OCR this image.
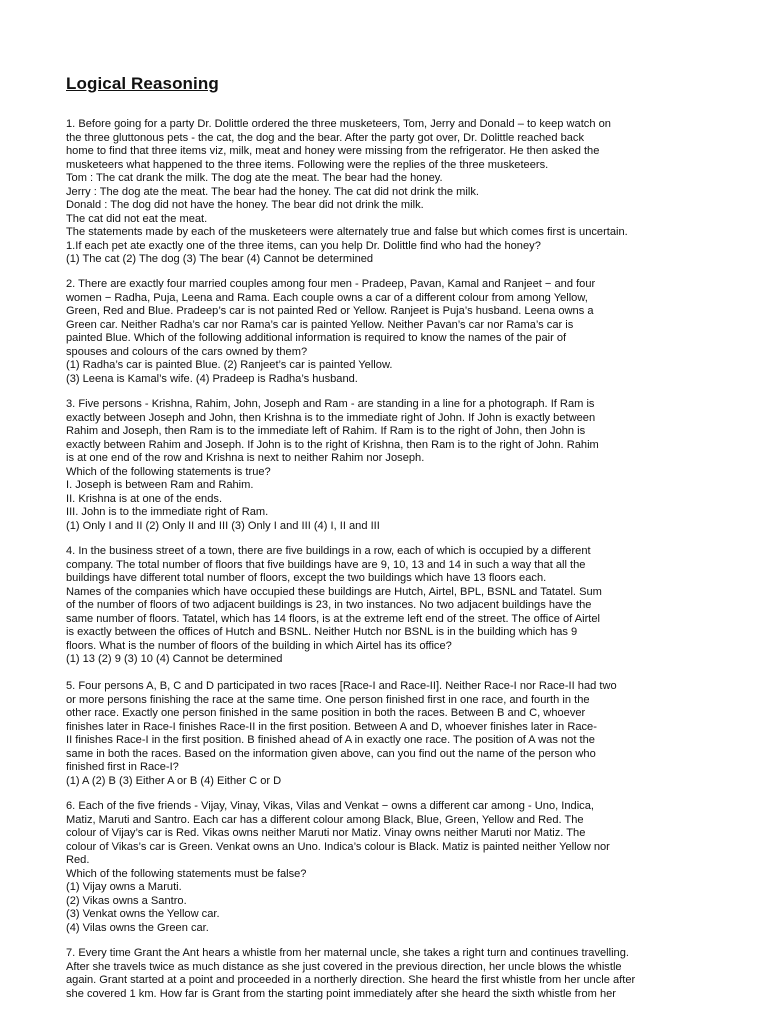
Logical Reasoning
1. Before going for a party Dr. Dolittle ordered the three musketeers, Tom, Jerry and Donald – to keep watch on
the three gluttonous pets - the cat, the dog and the bear. After the party got over, Dr. Dolittle reached back
home to find that three items viz, milk, meat and honey were missing from the refrigerator. He then asked the
musketeers what happened to the three items. Following were the replies of the three musketeers.
Tom : The cat drank the milk. The dog ate the meat. The bear had the honey.
Jerry : The dog ate the meat. The bear had the honey. The cat did not drink the milk.
Donald : The dog did not have the honey. The bear did not drink the milk.
The cat did not eat the meat.
The statements made by each of the musketeers were alternately true and false but which comes first is uncertain.
1.If each pet ate exactly one of the three items, can you help Dr. Dolittle find who had the honey?
(1) The cat (2) The dog (3) The bear (4) Cannot be determined
2. There are exactly four married couples among four men - Pradeep, Pavan, Kamal and Ranjeet − and four
women − Radha, Puja, Leena and Rama. Each couple owns a car of a different colour from among Yellow,
Green, Red and Blue. Pradeep’s car is not painted Red or Yellow. Ranjeet is Puja’s husband. Leena owns a
Green car. Neither Radha’s car nor Rama’s car is painted Yellow. Neither Pavan’s car nor Rama’s car is
painted Blue. Which of the following additional information is required to know the names of the pair of
spouses and colours of the cars owned by them?
(1) Radha’s car is painted Blue. (2) Ranjeet’s car is painted Yellow.
(3) Leena is Kamal’s wife. (4) Pradeep is Radha’s husband.
3. Five persons - Krishna, Rahim, John, Joseph and Ram - are standing in a line for a photograph. If Ram is
exactly between Joseph and John, then Krishna is to the immediate right of John. If John is exactly between
Rahim and Joseph, then Ram is to the immediate left of Rahim. If Ram is to the right of John, then John is
exactly between Rahim and Joseph. If John is to the right of Krishna, then Ram is to the right of John. Rahim
is at one end of the row and Krishna is next to neither Rahim nor Joseph.
Which of the following statements is true?
I. Joseph is between Ram and Rahim.
II. Krishna is at one of the ends.
III. John is to the immediate right of Ram.
(1) Only I and II (2) Only II and III (3) Only I and III (4) I, II and III
4. In the business street of a town, there are five buildings in a row, each of which is occupied by a different
company. The total number of floors that five buildings have are 9, 10, 13 and 14 in such a way that all the
buildings have different total number of floors, except the two buildings which have 13 floors each.
Names of the companies which have occupied these buildings are Hutch, Airtel, BPL, BSNL and Tatatel. Sum
of the number of floors of two adjacent buildings is 23, in two instances. No two adjacent buildings have the
same number of floors. Tatatel, which has 14 floors, is at the extreme left end of the street. The office of Airtel
is exactly between the offices of Hutch and BSNL. Neither Hutch nor BSNL is in the building which has 9
floors. What is the number of floors of the building in which Airtel has its office?
(1) 13 (2) 9 (3) 10 (4) Cannot be determined
5. Four persons A, B, C and D participated in two races [Race-I and Race-II]. Neither Race-I nor Race-II had two
or more persons finishing the race at the same time. One person finished first in one race, and fourth in the
other race. Exactly one person finished in the same position in both the races. Between B and C, whoever
finishes later in Race-I finishes Race-II in the first position. Between A and D, whoever finishes later in Race-
II finishes Race-I in the first position. B finished ahead of A in exactly one race. The position of A was not the
same in both the races. Based on the information given above, can you find out the name of the person who
finished first in Race-I?
(1) A (2) B (3) Either A or B (4) Either C or D
6. Each of the five friends - Vijay, Vinay, Vikas, Vilas and Venkat − owns a different car among - Uno, Indica,
Matiz, Maruti and Santro. Each car has a different colour among Black, Blue, Green, Yellow and Red. The
colour of Vijay’s car is Red. Vikas owns neither Maruti nor Matiz. Vinay owns neither Maruti nor Matiz. The
colour of Vikas’s car is Green. Venkat owns an Uno. Indica’s colour is Black. Matiz is painted neither Yellow nor
Red.
Which of the following statements must be false?
(1) Vijay owns a Maruti.
(2) Vikas owns a Santro.
(3) Venkat owns the Yellow car.
(4) Vilas owns the Green car.
7. Every time Grant the Ant hears a whistle from her maternal uncle, she takes a right turn and continues travelling.
After she travels twice as much distance as she just covered in the previous direction, her uncle blows the whistle
again. Grant started at a point and proceeded in a northerly direction. She heard the first whistle from her uncle after
she covered 1 km. How far is Grant from the starting point immediately after she heard the sixth whistle from her
